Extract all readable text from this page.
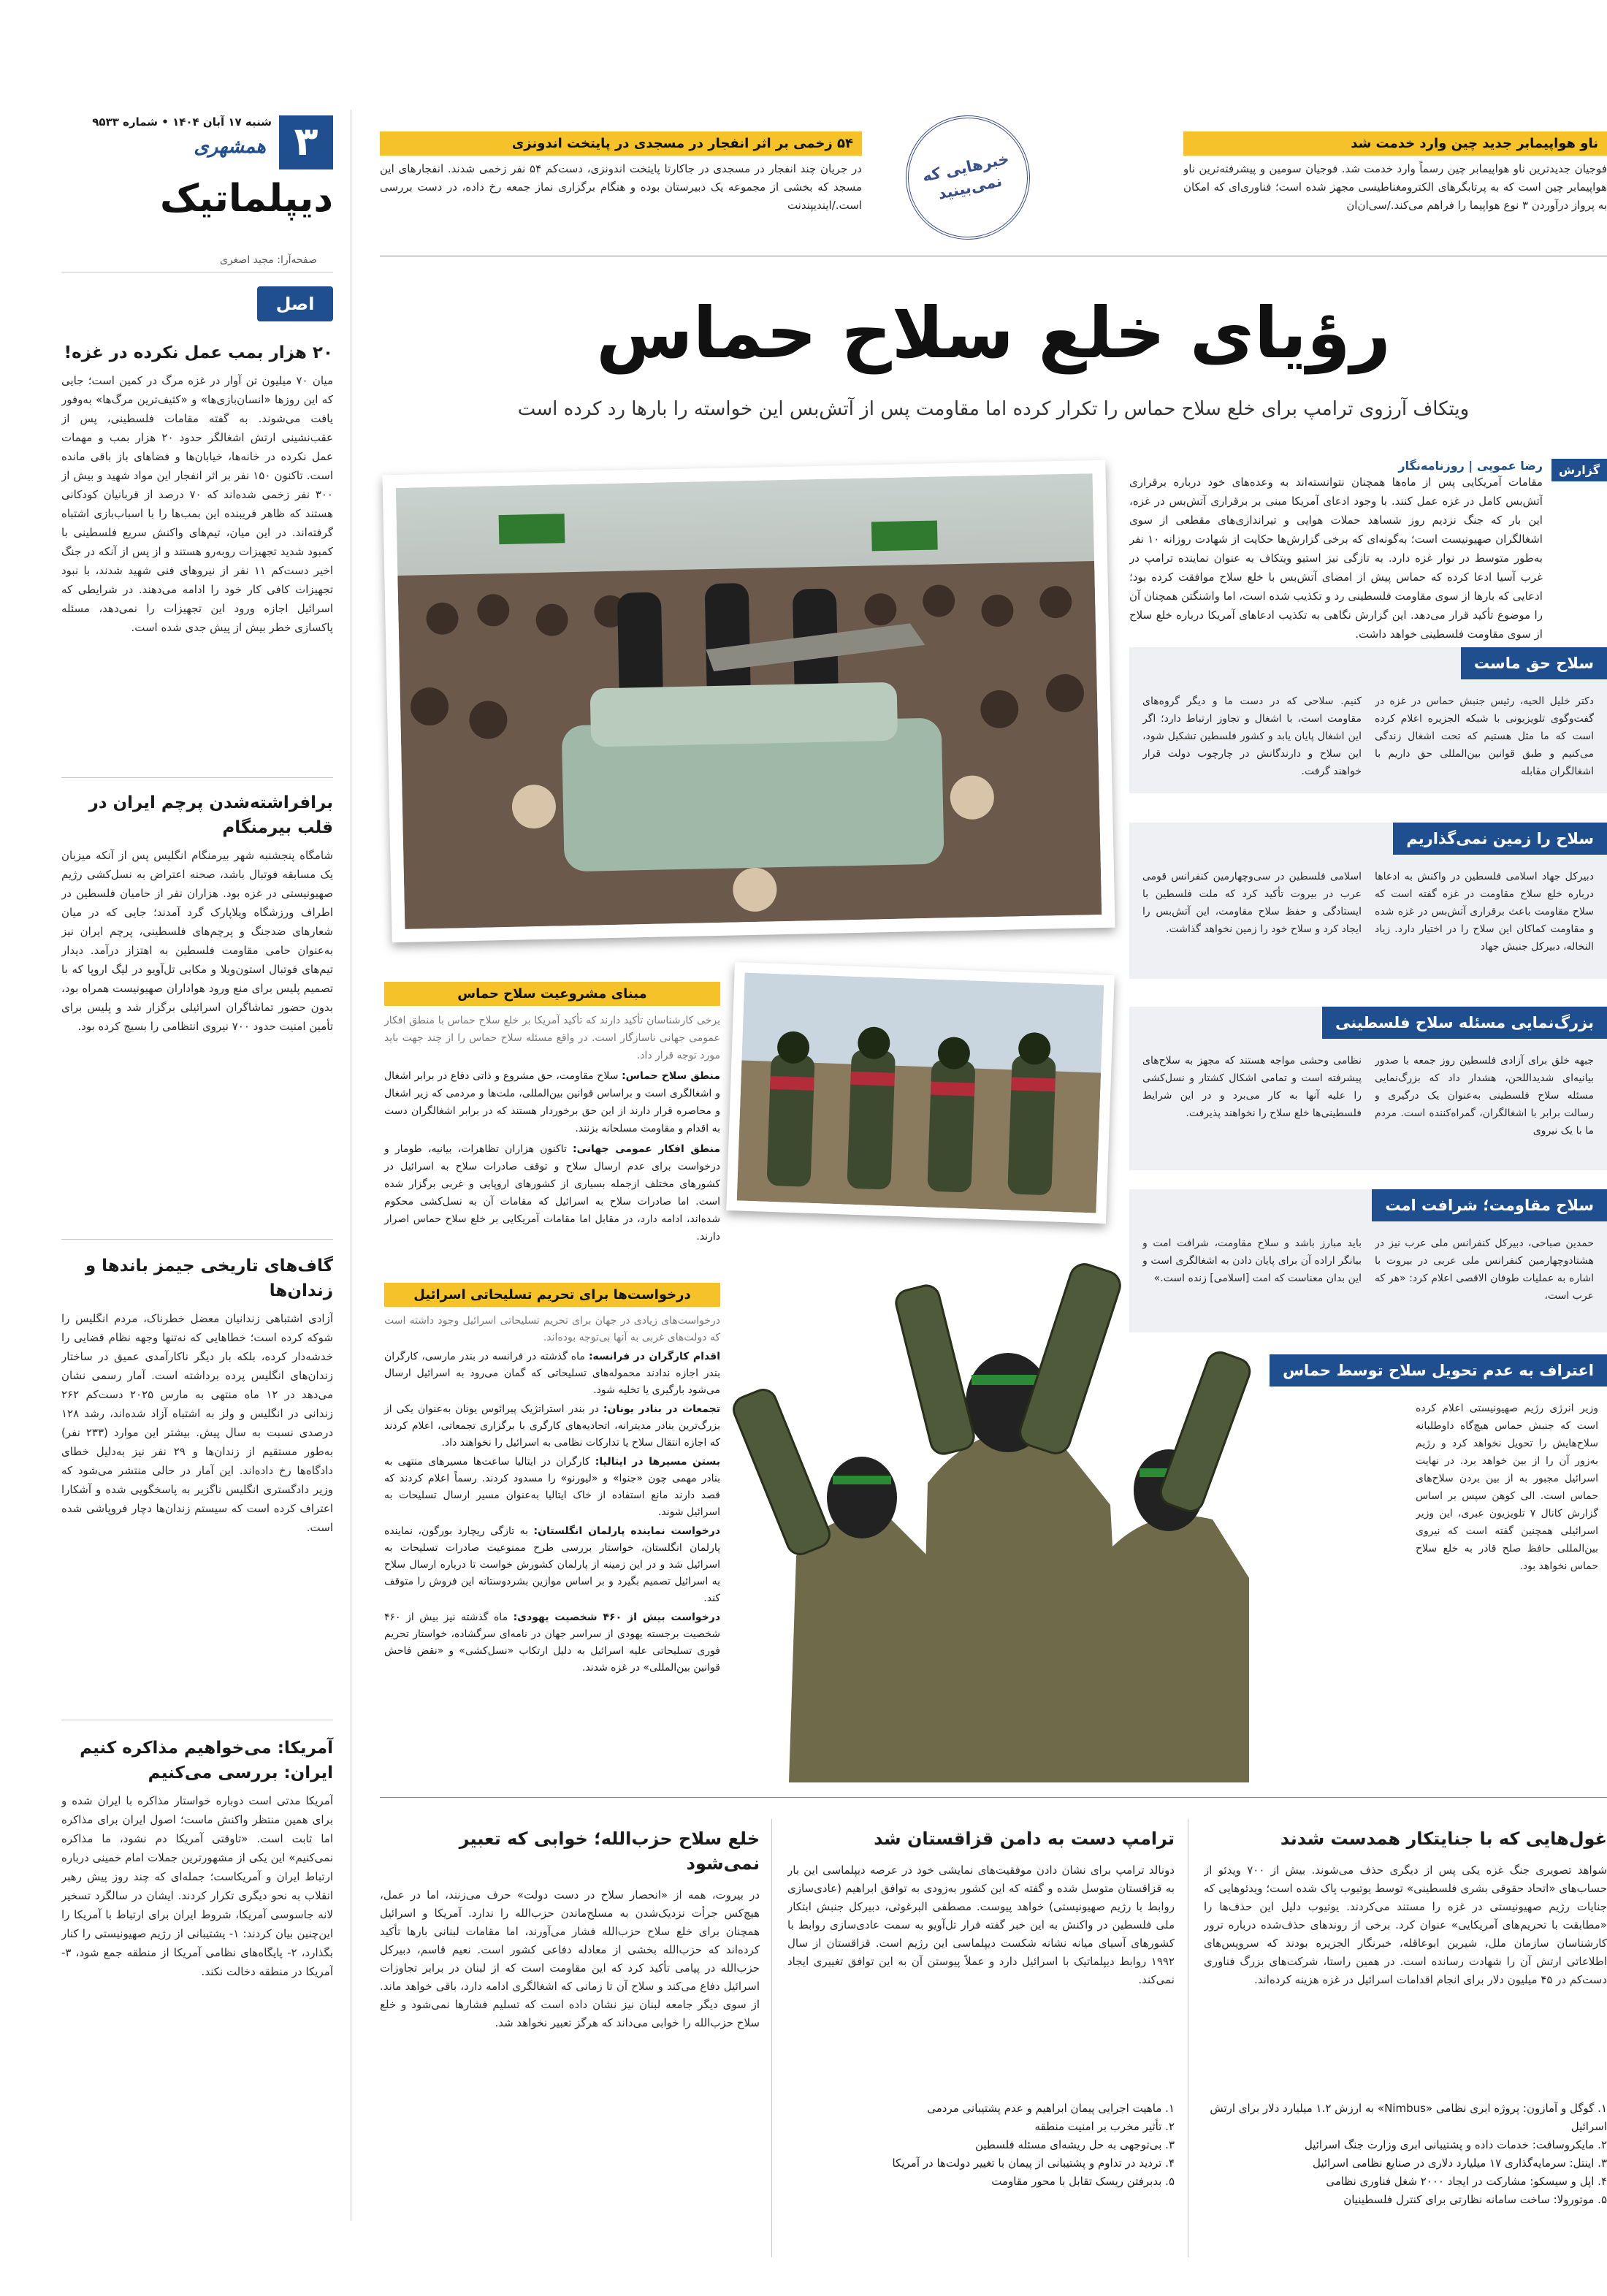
۳
شنبه ۱۷ آبان ۱۴۰۴ • شماره ۹۵۳۳
همشهری
دیپلماتیک
صفحه‌آرا: مجید اصغری
اصل ماجرا
۲۰ هزار بمب عمل نکرده در غزه!
میان ۷۰ میلیون تن آوار در غزه مرگ در کمین است؛ جایی که این روزها «انسان‌بازی‌ها» و «کثیف‌ترین مرگ‌ها» به‌وفور یافت می‌شوند. به گفته مقامات فلسطینی، پس از عقب‌نشینی ارتش اشغالگر حدود ۲۰ هزار بمب و مهمات عمل نکرده در خانه‌ها، خیابان‌ها و فضاهای باز باقی مانده است. تاکنون ۱۵۰ نفر بر اثر انفجار این مواد شهید و بیش از ۳۰۰ نفر زخمی شده‌اند که ۷۰ درصد از قربانیان کودکانی هستند که ظاهر فریبنده این بمب‌ها را با اسباب‌بازی اشتباه گرفته‌اند. در این میان، تیم‌های واکنش سریع فلسطینی با کمبود شدید تجهیزات روبه‌رو هستند و از پس از آنکه در جنگ اخیر دست‌کم ۱۱ نفر از نیروهای فنی شهید شدند، با نبود تجهیزات کافی کار خود را ادامه می‌دهند. در شرایطی که اسرائیل اجازه ورود این تجهیزات را نمی‌دهد، مسئله پاکسازی خطر بیش از پیش جدی شده است.
برافراشته‌شدن پرچم ایران در قلب بیرمنگام
شامگاه پنجشنبه شهر بیرمنگام انگلیس پس از آنکه میزبان یک مسابقه فوتبال باشد، صحنه اعتراض به نسل‌کشی رژیم صهیونیستی در غزه بود. هزاران نفر از حامیان فلسطین در اطراف ورزشگاه ویلاپارک گرد آمدند؛ جایی که در میان شعارهای ضدجنگ و پرچم‌های فلسطینی، پرچم ایران نیز به‌عنوان حامی مقاومت فلسطین به اهتزاز درآمد. دیدار تیم‌های فوتبال استون‌ویلا و مکابی تل‌آویو در لیگ اروپا که با تصمیم پلیس برای منع ورود هواداران صهیونیست همراه بود، بدون حضور تماشاگران اسرائیلی برگزار شد و پلیس برای تأمین امنیت حدود ۷۰۰ نیروی انتظامی را بسیج کرده بود.
گاف‌های تاریخی جیمز باندها و زندان‌ها
آزادی اشتباهی زندانیان معضل خطرناک، مردم انگلیس را شوکه کرده است؛ خطاهایی که نه‌تنها وجهه نظام قضایی را خدشه‌دار کرده، بلکه بار دیگر ناکارآمدی عمیق در ساختار زندان‌های انگلیس پرده برداشته است. آمار رسمی نشان می‌دهد در ۱۲ ماه منتهی به مارس ۲۰۲۵ دست‌کم ۲۶۲ زندانی در انگلیس و ولز به اشتباه آزاد شده‌اند، رشد ۱۲۸ درصدی نسبت به سال پیش. بیشتر این موارد (۲۳۳ نفر) به‌طور مستقیم از زندان‌ها و ۲۹ نفر نیز به‌دلیل خطای دادگاه‌ها رخ داده‌اند. این آمار در حالی منتشر می‌شود که وزیر دادگستری انگلیس ناگزیر به پاسخگویی شده و آشکارا اعتراف کرده است که سیستم زندان‌ها دچار فروپاشی شده است.
آمریکا: می‌خواهیم مذاکره کنیم ایران: بررسی می‌کنیم
آمریکا مدتی است دوباره خواستار مذاکره با ایران شده و برای همین منتظر واکنش ماست؛ اصول ایران برای مذاکره اما ثابت است. «تاوقتی آمریکا دم نشود، ما مذاکره نمی‌کنیم» این یکی از مشهورترین جملات امام خمینی درباره ارتباط ایران و آمریکاست؛ جمله‌ای که چند روز پیش رهبر انقلاب به نحو دیگری تکرار کردند. ایشان در سالگرد تسخیر لانه جاسوسی آمریکا، شروط ایران برای ارتباط با آمریکا را این‌چنین بیان کردند: ۱- پشتیبانی از رژیم صهیونیستی را کنار بگذارد، ۲- پایگاه‌های نظامی آمریکا از منطقه جمع شود، ۳- آمریکا در منطقه دخالت نکند.
ناو هواپیمابر جدید چین وارد خدمت شد
فوجیان جدیدترین ناو هواپیمابر چین رسماً وارد خدمت شد. فوجیان سومین و پیشرفته‌ترین ناو هواپیمابر چین است که به پرتابگرهای الکترومغناطیسی مجهز شده است؛ فناوری‌ای که امکان به پرواز درآوردن ۳ نوع هواپیما را فراهم می‌کند./سی‌ان‌ان
خبرهایی که نمی‌بینید
۵۴ زخمی بر اثر انفجار در مسجدی در پایتخت اندونزی
در جریان چند انفجار در مسجدی در جاکارتا پایتخت اندونزی، دست‌کم ۵۴ نفر زخمی شدند. انفجارهای این مسجد که بخشی از مجموعه یک دبیرستان بوده و هنگام برگزاری نماز جمعه رخ داده، در دست بررسی است./ایندیپندنت
رؤیای خلع سلاح حماس
ویتکاف آرزوی ترامپ برای خلع سلاح حماس را تکرار کرده اما مقاومت پس از آتش‌بس این خواسته را بارها رد کرده است
گزارش
رضا عموپی | روزنامه‌نگار
مقامات آمریکایی پس از ماه‌ها همچنان نتوانسته‌اند به وعده‌های خود درباره برقراری آتش‌بس کامل در غزه عمل کنند. با وجود ادعای آمریکا مبنی بر برقراری آتش‌بس در غزه، این بار که جنگ نزدیم روز شساهد حملات هوایی و تیراندازی‌های مقطعی از سوی اشغالگران صهیونیست است؛ به‌گونه‌ای که برخی گزارش‌ها حکایت از شهادت روزانه ۱۰ نفر به‌طور متوسط در نوار غزه دارد. به تازگی نیز استیو ویتکاف به عنوان نماینده ترامپ در غرب آسیا ادعا کرده که حماس پیش از امضای آتش‌بس با خلع سلاح موافقت کرده بود؛ ادعایی که بارها از سوی مقاومت فلسطینی رد و تکذیب شده است، اما واشنگتن همچنان آن را موضوع تأکید قرار می‌دهد. این گزارش نگاهی به تکذیب ادعاهای آمریکا درباره خلع سلاح از سوی مقاومت فلسطینی خواهد داشت.
سلاح حق ماست
دکتر خلیل الحیه، رئیس جنبش حماس در غزه در گفت‌وگوی تلویزیونی با شبکه الجزیره اعلام کرده است که ما مثل هستیم که تحت اشغال زندگی می‌کنیم و طبق قوانین بین‌المللی حق داریم با اشغالگران مقابله
کنیم. سلاحی که در دست ما و دیگر گروه‌های مقاومت است، با اشغال و تجاوز ارتباط دارد؛ اگر این اشغال پایان یابد و کشور فلسطین تشکیل شود، این سلاح و دارندگانش در چارچوب دولت قرار خواهند گرفت.
سلاح را زمین نمی‌گذاریم
دبیرکل جهاد اسلامی فلسطین در واکنش به ادعاها درباره خلع سلاح مقاومت در غزه گفته است که سلاح مقاومت باعث برقراری آتش‌بس در غزه شده و مقاومت کماکان این سلاح را در اختیار دارد. زیاد النخاله، دبیرکل جنبش جهاد
اسلامی فلسطین در سی‌وچهارمین کنفرانس قومی عرب در بیروت تأکید کرد که ملت فلسطین با ایستادگی و حفظ سلاح مقاومت، این آتش‌بس را ایجاد کرد و سلاح خود را زمین نخواهد گذاشت.
بزرگ‌نمایی مسئله سلاح فلسطینی
جبهه خلق برای آزادی فلسطین روز جمعه با صدور بیانیه‌ای شدیداللحن، هشدار داد که بزرگ‌نمایی مسئله سلاح فلسطینی به‌عنوان یک درگیری و رسالت برابر با اشغالگران، گمراه‌کننده است. مردم ما با یک نیروی
نظامی وحشی مواجه هستند که مجهز به سلاح‌های پیشرفته است و تمامی اشکال کشتار و نسل‌کشی را علیه آنها به کار می‌برد و در این شرایط فلسطینی‌ها خلع سلاح را نخواهند پذیرفت.
سلاح مقاومت؛ شرافت امت
حمدین صباحی، دبیرکل کنفرانس ملی عرب نیز در هشتادوچهارمین کنفرانس ملی عربی در بیروت با اشاره به عملیات طوفان الاقصی اعلام کرد: «هر که عرب است،
باید مبارز باشد و سلاح مقاومت، شرافت امت و بیانگر اراده آن برای پایان دادن به اشغالگری است و این بدان معناست که امت [اسلامی] زنده است.»
اعتراف به عدم تحویل سلاح توسط حماس
وزیر انرژی رژیم صهیونیستی اعلام کرده است که جنبش حماس هیچ‌گاه داوطلبانه سلاح‌هایش را تحویل نخواهد کرد و رژیم به‌زور آن را از بین خواهد برد. در نهایت اسرائیل مجبور به از بین بردن سلاح‌های حماس است. الی کوهن سپس بر اساس گزارش کانال ۷ تلویزیون عبری، این وزیر اسرائیلی همچنین گفته است که نیروی بین‌المللی حافظ صلح قادر به خلع سلاح حماس نخواهد بود.
مبنای مشروعیت سلاح حماس
برخی کارشناسان تأکید دارند که تأکید آمریکا بر خلع سلاح حماس با منطق افکار عمومی جهانی ناسازگار است. در واقع مسئله سلاح حماس را از چند جهت باید مورد توجه قرار داد.
منطق سلاح حماس: سلاح مقاومت، حق مشروع و ذاتی دفاع در برابر اشغال و اشغالگری است و براساس قوانین بین‌المللی، ملت‌ها و مردمی که زیر اشغال و محاصره قرار دارند از این حق برخوردار هستند که در برابر اشغالگران دست به اقدام و مقاومت مسلحانه بزنند.
منطق افکار عمومی جهانی: تاکنون هزاران تظاهرات، بیانیه، طومار و درخواست برای عدم ارسال سلاح و توقف صادرات سلاح به اسرائیل در کشورهای مختلف ازجمله بسیاری از کشورهای اروپایی و غربی برگزار شده است. اما صادرات سلاح به اسرائیل که مقامات آن به نسل‌کشی محکوم شده‌اند، ادامه دارد، در مقابل اما مقامات آمریکایی بر خلع سلاح حماس اصرار دارند.
درخواست‌ها برای تحریم تسلیحاتی اسرائیل
درخواست‌های زیادی در جهان برای تحریم تسلیحاتی اسرائیل وجود داشته است که دولت‌های غربی به آنها بی‌توجه بوده‌اند.
اقدام کارگران در فرانسه: ماه گذشته در فرانسه در بندر مارسی، کارگران بندر اجازه ندادند محموله‌های تسلیحاتی که گمان می‌رود به اسرائیل ارسال می‌شود بارگیری یا تخلیه شود.
تجمعات در بنادر یونان: در بندر استراتژیک پیرائوس یونان به‌عنوان یکی از بزرگ‌ترین بنادر مدیترانه، اتحادیه‌های کارگری با برگزاری تجمعاتی، اعلام کردند که اجازه انتقال سلاح یا تدارکات نظامی به اسرائیل را نخواهند داد.
بستن مسیرها در ایتالیا: کارگران در ایتالیا ساعت‌ها مسیرهای منتهی به بنادر مهمی چون «جنوا» و «لیورنو» را مسدود کردند. رسماً اعلام کردند که قصد دارند مانع استفاده از خاک ایتالیا به‌عنوان مسیر ارسال تسلیحات به اسرائیل شوند.
درخواست نماینده پارلمان انگلستان: به تازگی ریچارد بورگون، نماینده پارلمان انگلستان، خواستار بررسی طرح ممنوعیت صادرات تسلیحات به اسرائیل شد و در این زمینه از پارلمان کشورش خواست تا درباره ارسال سلاح به اسرائیل تصمیم بگیرد و بر اساس موازین بشردوستانه این فروش را متوقف کند.
درخواست بیش از ۴۶۰ شخصیت یهودی: ماه گذشته نیز بیش از ۴۶۰ شخصیت برجسته یهودی از سراسر جهان در نامه‌ای سرگشاده، خواستار تحریم فوری تسلیحاتی علیه اسرائیل به دلیل ارتکاب «نسل‌کشی» و «نقض فاحش قوانین بین‌المللی» در غزه شدند.
غول‌هایی که با جنایتکار همدست شدند
شواهد تصویری جنگ غزه یکی پس از دیگری حذف می‌شوند. بیش از ۷۰۰ ویدئو از حساب‌های «اتحاد حقوقی بشری فلسطینی» توسط یوتیوب پاک شده است؛ ویدئوهایی که جنایات رژیم صهیونیستی در غزه را مستند می‌کردند. یوتیوب دلیل این حذف‌ها را «مطابقت با تحریم‌های آمریکایی» عنوان کرد. برخی از روندهای حذف‌شده درباره ترور کارشناسان سازمان ملل، شیرین ابوعاقله، خبرنگار الجزیره بودند که سرویس‌های اطلاعاتی ارتش آن را شهادت رسانده است. در همین راستا، شرکت‌های بزرگ فناوری دست‌کم در ۴۵ میلیون دلار برای انجام اقدامات اسرائیل در غزه هزینه کرده‌اند.
۱. گوگل و آمازون: پروژه ابری نظامی «Nimbus» به ارزش ۱.۲ میلیارد دلار برای ارتش اسرائیل
۲. مایکروسافت: خدمات داده و پشتیبانی ابری وزارت جنگ اسرائیل
۳. اینتل: سرمایه‌گذاری ۱۷ میلیارد دلاری در صنایع نظامی اسرائیل
۴. اپل و سیسکو: مشارکت در ایجاد ۲۰۰۰ شغل فناوری نظامی
۵. موتورولا: ساخت سامانه نظارتی برای کنترل فلسطینیان
ترامپ دست به دامن قزاقستان شد
دونالد ترامپ برای نشان دادن موفقیت‌های نمایشی خود در عرصه دیپلماسی این بار به قزاقستان متوسل شده و گفته که این کشور به‌زودی به توافق ابراهیم (عادی‌سازی روابط با رژیم صهیونیستی) خواهد پیوست. مصطفی البرغوثی، دبیرکل جنبش ابتکار ملی فلسطین در واکنش به این خبر گفته فرار تل‌آویو به سمت عادی‌سازی روابط با کشورهای آسیای میانه نشانه شکست دیپلماسی این رژیم است. قزاقستان از سال ۱۹۹۲ روابط دیپلماتیک با اسرائیل دارد و عملاً پیوستن آن به این توافق تغییری ایجاد نمی‌کند.
۱. ماهیت اجرایی پیمان ابراهیم و عدم پشتیبانی مردمی
۲. تأثیر مخرب بر امنیت منطقه
۳. بی‌توجهی به حل ریشه‌ای مسئله فلسطین
۴. تردید در تداوم و پشتیبانی از پیمان با تغییر دولت‌ها در آمریکا
۵. بدبرفتن ریسک تقابل با محور مقاومت
خلع سلاح حزب‌الله؛ خوابی که تعبیر نمی‌شود
در بیروت، همه از «انحصار سلاح در دست دولت» حرف می‌زنند، اما در عمل، هیچ‌کس جرأت نزدیک‌شدن به مسلح‌ماندن حزب‌الله را ندارد. آمریکا و اسرائیل همچنان برای خلع سلاح حزب‌الله فشار می‌آورند، اما مقامات لبنانی بارها تأکید کرده‌اند که حزب‌الله بخشی از معادله دفاعی کشور است. نعیم قاسم، دبیرکل حزب‌الله در پیامی تأکید کرد که این مقاومت است که از لبنان در برابر تجاوزات اسرائیل دفاع می‌کند و سلاح آن تا زمانی که اشغالگری ادامه دارد، باقی خواهد ماند. از سوی دیگر جامعه لبنان نیز نشان داده است که تسلیم فشارها نمی‌شود و خلع سلاح حزب‌الله را خوابی می‌داند که هرگز تعبیر نخواهد شد.
